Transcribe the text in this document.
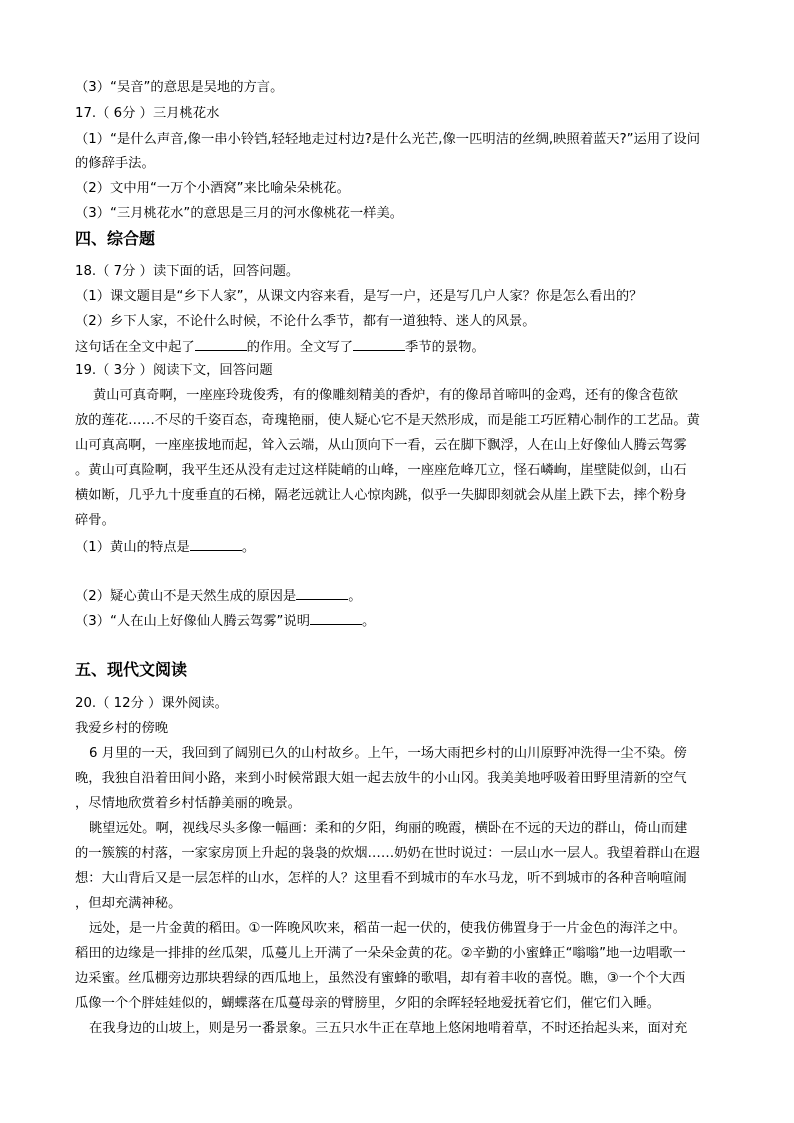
（3）“吴音”的意思是吴地的方言。
17.（ 6分 ）三月桃花水
（1）“是什么声音,像一串小铃铛,轻轻地走过村边?是什么光芒,像一匹明洁的丝绸,映照着蓝天?”运用了设问
的修辞手法。
（2）文中用“一万个小酒窝”来比喻朵朵桃花。
（3）“三月桃花水”的意思是三月的河水像桃花一样美。
四、综合题
18.（ 7分 ）读下面的话，回答问题。
（1）课文题目是“乡下人家”，从课文内容来看，是写一户，还是写几户人家？你是怎么看出的？
（2）乡下人家，不论什么时候，不论什么季节，都有一道独特、迷人的风景。
这句话在全文中起了	的作用。全文写了	季节的景物。
19.（ 3分 ）阅读下文，回答问题
黄山可真奇啊，一座座玲珑俊秀，有的像雕刻精美的香炉，有的像昂首啼叫的金鸡，还有的像含苞欲
放的莲花……不尽的千姿百态，奇瑰艳丽，使人疑心它不是天然形成，而是能工巧匠精心制作的工艺品。黄
山可真高啊，一座座拔地而起，耸入云端，从山顶向下一看，云在脚下飘浮，人在山上好像仙人腾云驾雾
。黄山可真险啊，我平生还从没有走过这样陡峭的山峰，一座座危峰兀立，怪石嶙峋，崖壁陡似剑，山石
横如断，几乎九十度垂直的石梯，隔老远就让人心惊肉跳，似乎一失脚即刻就会从崖上跌下去，摔个粉身
碎骨。
（1）黄山的特点是	。
（2）疑心黄山不是天然生成的原因是	。
（3）“人在山上好像仙人腾云驾雾”说明	。
五、现代文阅读
20.（ 12分 ）课外阅读。
我爱乡村的傍晚
6 月里的一天，我回到了阔别已久的山村故乡。上午，一场大雨把乡村的山川原野冲洗得一尘不染。傍
晚，我独自沿着田间小路，来到小时候常跟大姐一起去放牛的小山冈。我美美地呼吸着田野里清新的空气
，尽情地欣赏着乡村恬静美丽的晚景。
眺望远处。啊，视线尽头多像一幅画：柔和的夕阳，绚丽的晚霞，横卧在不远的天边的群山，倚山而建
的一簇簇的村落，一家家房顶上升起的袅袅的炊烟……奶奶在世时说过：一层山水一层人。我望着群山在遐
想：大山背后又是一层怎样的山水，怎样的人？这里看不到城市的车水马龙，听不到城市的各种音响喧闹
，但却充满神秘。
远处，是一片金黄的稻田。①一阵晚风吹来，稻苗一起一伏的，使我仿佛置身于一片金色的海洋之中。
稻田的边缘是一排排的丝瓜架，瓜蔓儿上开满了一朵朵金黄的花。②辛勤的小蜜蜂正“嗡嗡”地一边唱歌一
边采蜜。丝瓜棚旁边那块碧绿的西瓜地上，虽然没有蜜蜂的歌唱，却有着丰收的喜悦。瞧，③一个个大西
瓜像一个个胖娃娃似的，蝴蝶落在瓜蔓母亲的臂膀里，夕阳的余晖轻轻地爱抚着它们，催它们入睡。
在我身边的山坡上，则是另一番景象。三五只水牛正在草地上悠闲地啃着草，不时还抬起头来，面对充
